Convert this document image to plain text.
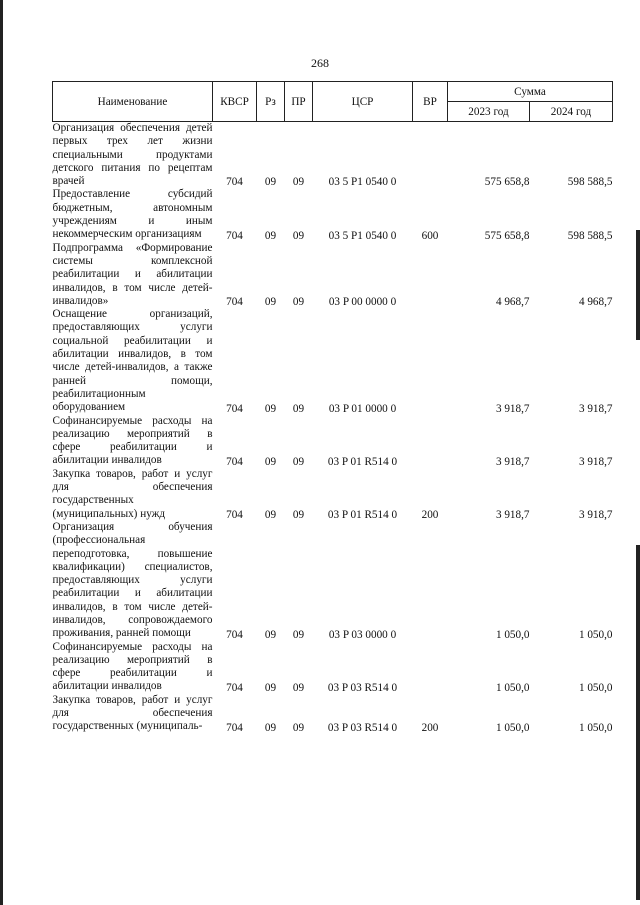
268
Наименование	КВСР	Рз	ПР	ЦСР	ВР	Сумма	
						2023 год	2024 год
Организация обеспечения детей первых трех лет жизни специальными продуктами детского питания по рецептам врачей	704	09	09	03 5 P1 0540 0		575 658,8	598 588,5
Предоставление субсидий бюджетным, автономным учреждениям и иным некоммерческим организациям	704	09	09	03 5 P1 0540 0	600	575 658,8	598 588,5
Подпрограмма «Формирование системы комплексной реабилитации и абилитации инвалидов, в том числе детей-инвалидов»	704	09	09	03 P 00 0000 0		4 968,7	4 968,7
Оснащение организаций, предоставляющих услуги социальной реабилитации и абилитации инвалидов, в том числе детей-инвалидов, а также ранней помощи, реабилитационным оборудованием	704	09	09	03 P 01 0000 0		3 918,7	3 918,7
Софинансируемые расходы на реализацию мероприятий в сфере реабилитации и абилитации инвалидов	704	09	09	03 P 01 R514 0		3 918,7	3 918,7
Закупка товаров, работ и услуг для обеспечения государственных (муниципальных) нужд	704	09	09	03 P 01 R514 0	200	3 918,7	3 918,7
Организация обучения (профессиональная переподготовка, повышение квалификации) специалистов, предоставляющих услуги реабилитации и абилитации инвалидов, в том числе детей-инвалидов, сопровождаемого проживания, ранней помощи	704	09	09	03 P 03 0000 0		1 050,0	1 050,0
Софинансируемые расходы на реализацию мероприятий в сфере реабилитации и абилитации инвалидов	704	09	09	03 P 03 R514 0		1 050,0	1 050,0
Закупка товаров, работ и услуг для обеспечения государственных (муниципаль-	704	09	09	03 P 03 R514 0	200	1 050,0	1 050,0
